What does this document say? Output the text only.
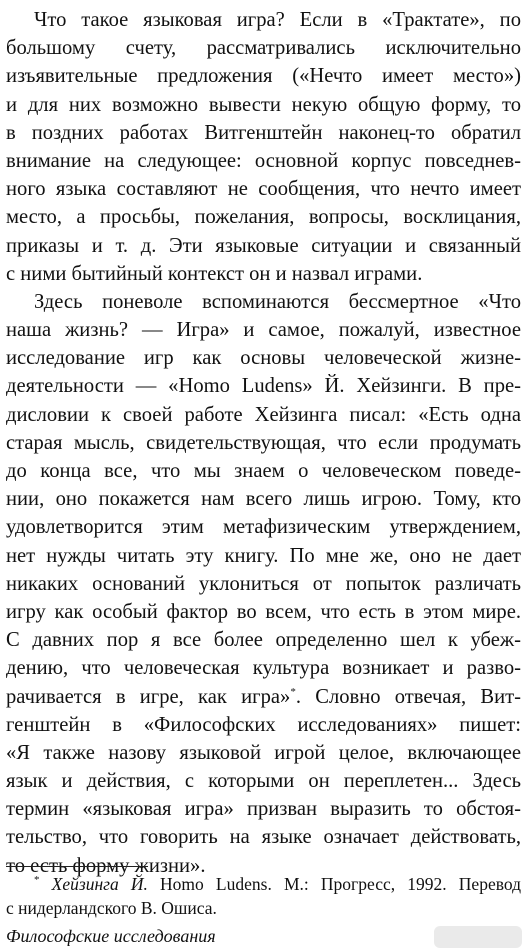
Что такое языковая игра? Если в «Трактате», по
большому счету, рассматривались исключительно
изъявительные предложения («Нечто имеет место»)
и для них возможно вывести некую общую форму, то
в поздних работах Витгенштейн наконец-то обратил
внимание на следующее: основной корпус повседнев-
ного языка составляют не сообщения, что нечто имеет
место, а просьбы, пожелания, вопросы, восклицания,
приказы и т. д. Эти языковые ситуации и связанный
с ними бытийный контекст он и назвал играми.
Здесь поневоле вспоминаются бессмертное «Что
наша жизнь? — Игра» и самое, пожалуй, известное
исследование игр как основы человеческой жизне-
деятельности — «Homo Ludens» Й. Хейзинги. В пре-
дисловии к своей работе Хейзинга писал: «Есть одна
старая мысль, свидетельствующая, что если продумать
до конца все, что мы знаем о человеческом поведе-
нии, оно покажется нам всего лишь игрою. Тому, кто
удовлетворится этим метафизическим утверждением,
нет нужды читать эту книгу. По мне же, оно не дает
никаких оснований уклониться от попыток различать
игру как особый фактор во всем, что есть в этом мире.
С давних пор я все более определенно шел к убеж-
дению, что человеческая культура возникает и разво-
рачивается в игре, как игра»*. Словно отвечая, Вит-
генштейн в «Философских исследованиях» пишет:
«Я также назову языковой игрой целое, включающее
язык и действия, с которыми он переплетен... Здесь
термин «языковая игра» призван выразить то обстоя-
тельство, что говорить на языке означает действовать,
то есть форму жизни».
* Хейзинга Й. Homo Ludens. М.: Прогресс, 1992. Перевод
с нидерландского В. Ошиса.
Философские исследования
